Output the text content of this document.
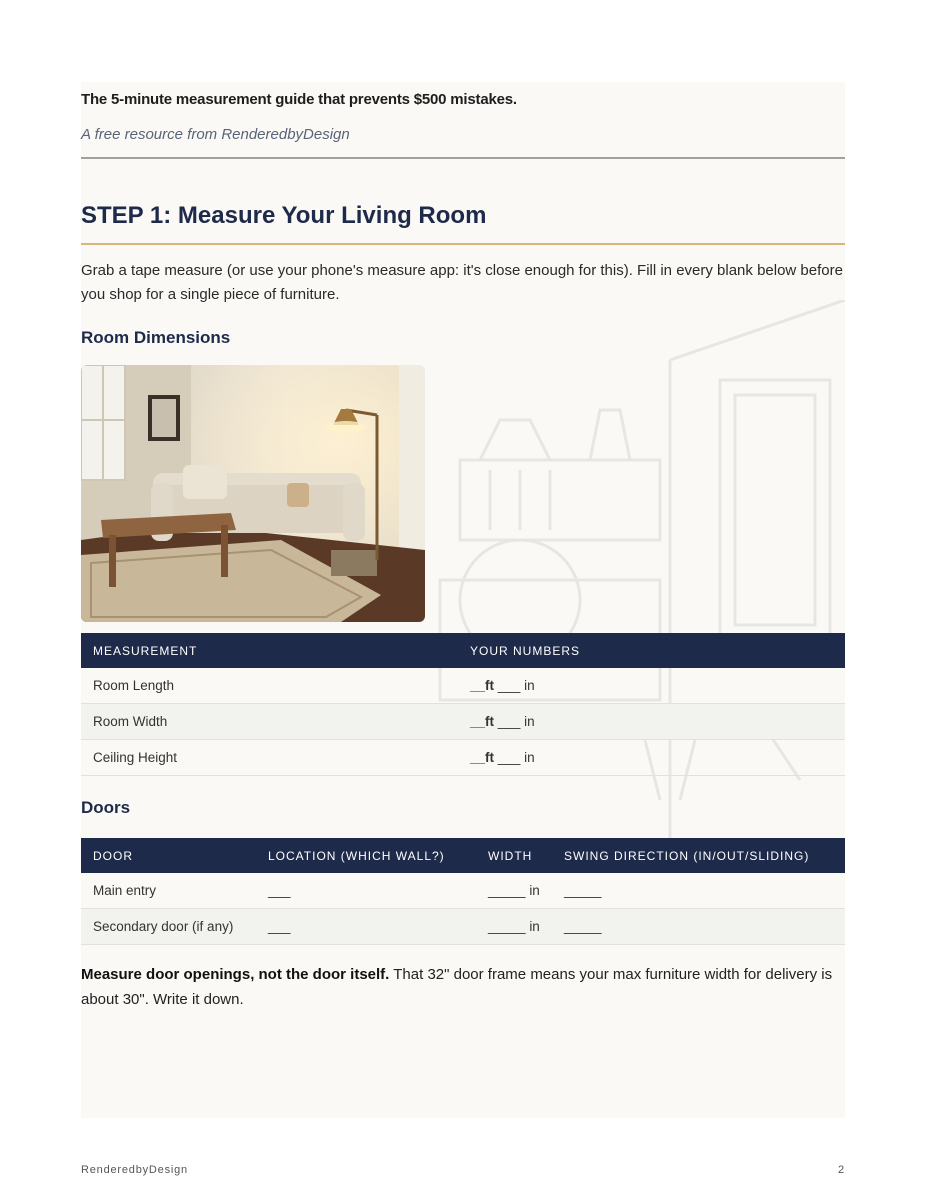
The 5-minute measurement guide that prevents $500 mistakes.
A free resource from RenderedbyDesign
STEP 1: Measure Your Living Room
Grab a tape measure (or use your phone's measure app: it's close enough for this). Fill in every blank below before you shop for a single piece of furniture.
Room Dimensions
MEASUREMENT	YOUR NUMBERS
Room Length	__ft ___ in
Room Width	__ft ___ in
Ceiling Height	__ft ___ in
Doors
DOOR	LOCATION (WHICH WALL?)	WIDTH	SWING DIRECTION (IN/OUT/SLIDING)
Main entry	___	_____ in	_____
Secondary door (if any)	___	_____ in	_____
Measure door openings, not the door itself. That 32" door frame means your max furniture width for delivery is about 30". Write it down.
RenderedbyDesign	2
